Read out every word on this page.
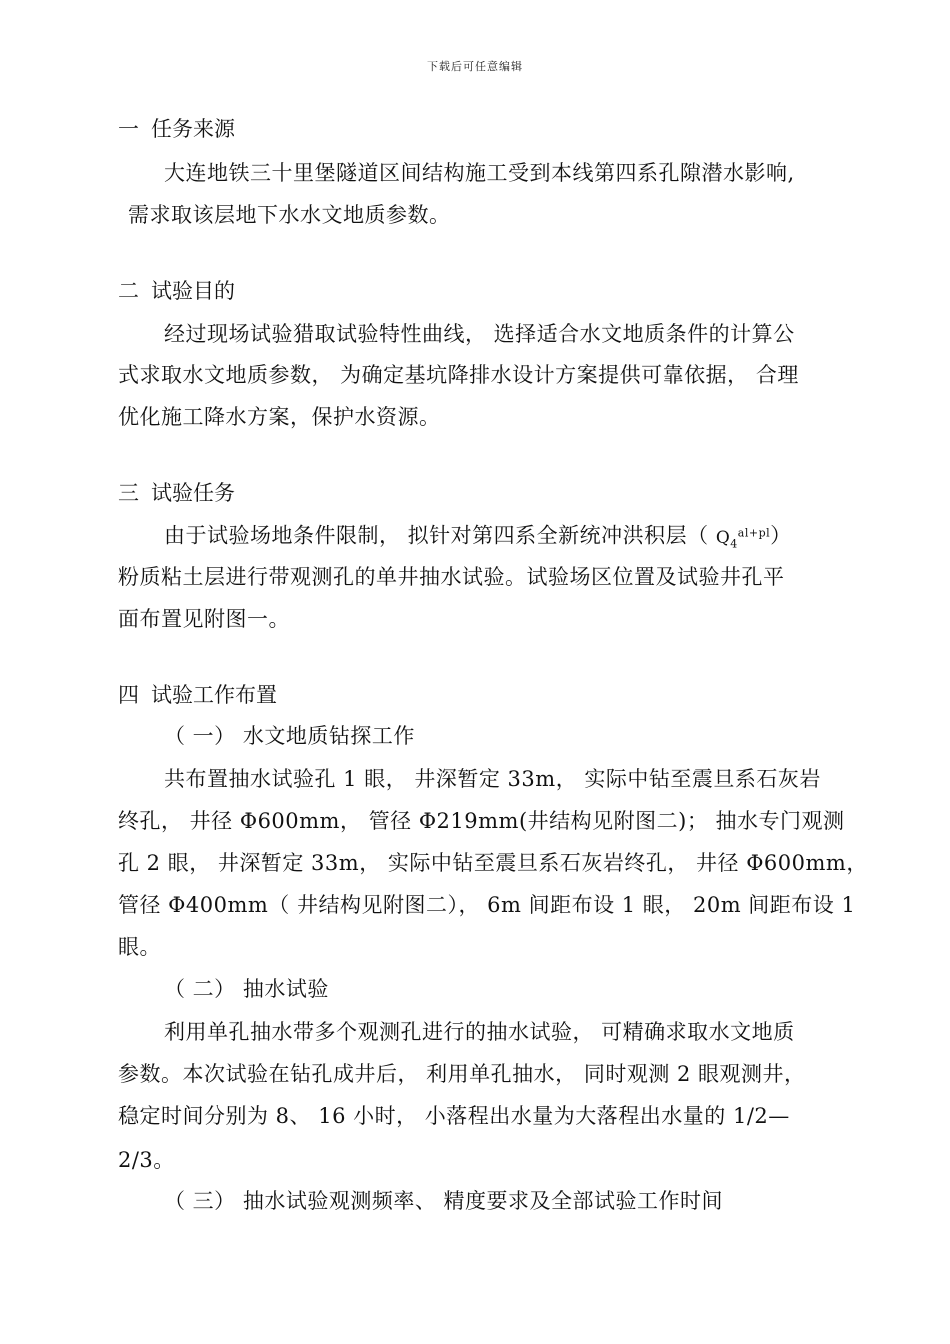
下载后可任意编辑
一 任务来源
大连地铁三十里堡隧道区间结构施工受到本线第四系孔隙潜水影响,
需求取该层地下水水文地质参数。
二 试验目的
经过现场试验猎取试验特性曲线， 选择适合水文地质条件的计算公
式求取水文地质参数， 为确定基坑降排水设计方案提供可靠依据， 合理
优化施工降水方案，保护水资源。
三 试验任务
由于试验场地条件限制， 拟针对第四系全新统冲洪积层（ $Q_4^{al+pl}$）
粉质粘土层进行带观测孔的单井抽水试验。试验场区位置及试验井孔平
面布置见附图一。
四 试验工作布置
（ 一） 水文地质钻探工作
共布置抽水试验孔 1 眼， 井深暂定 33m， 实际中钻至震旦系石灰岩
终孔， 井径 Φ600mm， 管径 Φ219mm(井结构见附图二)； 抽水专门观测
孔 2 眼， 井深暂定 33m， 实际中钻至震旦系石灰岩终孔， 井径 Φ600mm，
管径 Φ400mm（ 井结构见附图二）， 6m 间距布设 1 眼， 20m 间距布设 1
眼。
（ 二） 抽水试验
利用单孔抽水带多个观测孔进行的抽水试验， 可精确求取水文地质
参数。本次试验在钻孔成井后， 利用单孔抽水， 同时观测 2 眼观测井，
稳定时间分别为 8、 16 小时， 小落程出水量为大落程出水量的 1/2—
2/3。
（ 三） 抽水试验观测频率、 精度要求及全部试验工作时间
